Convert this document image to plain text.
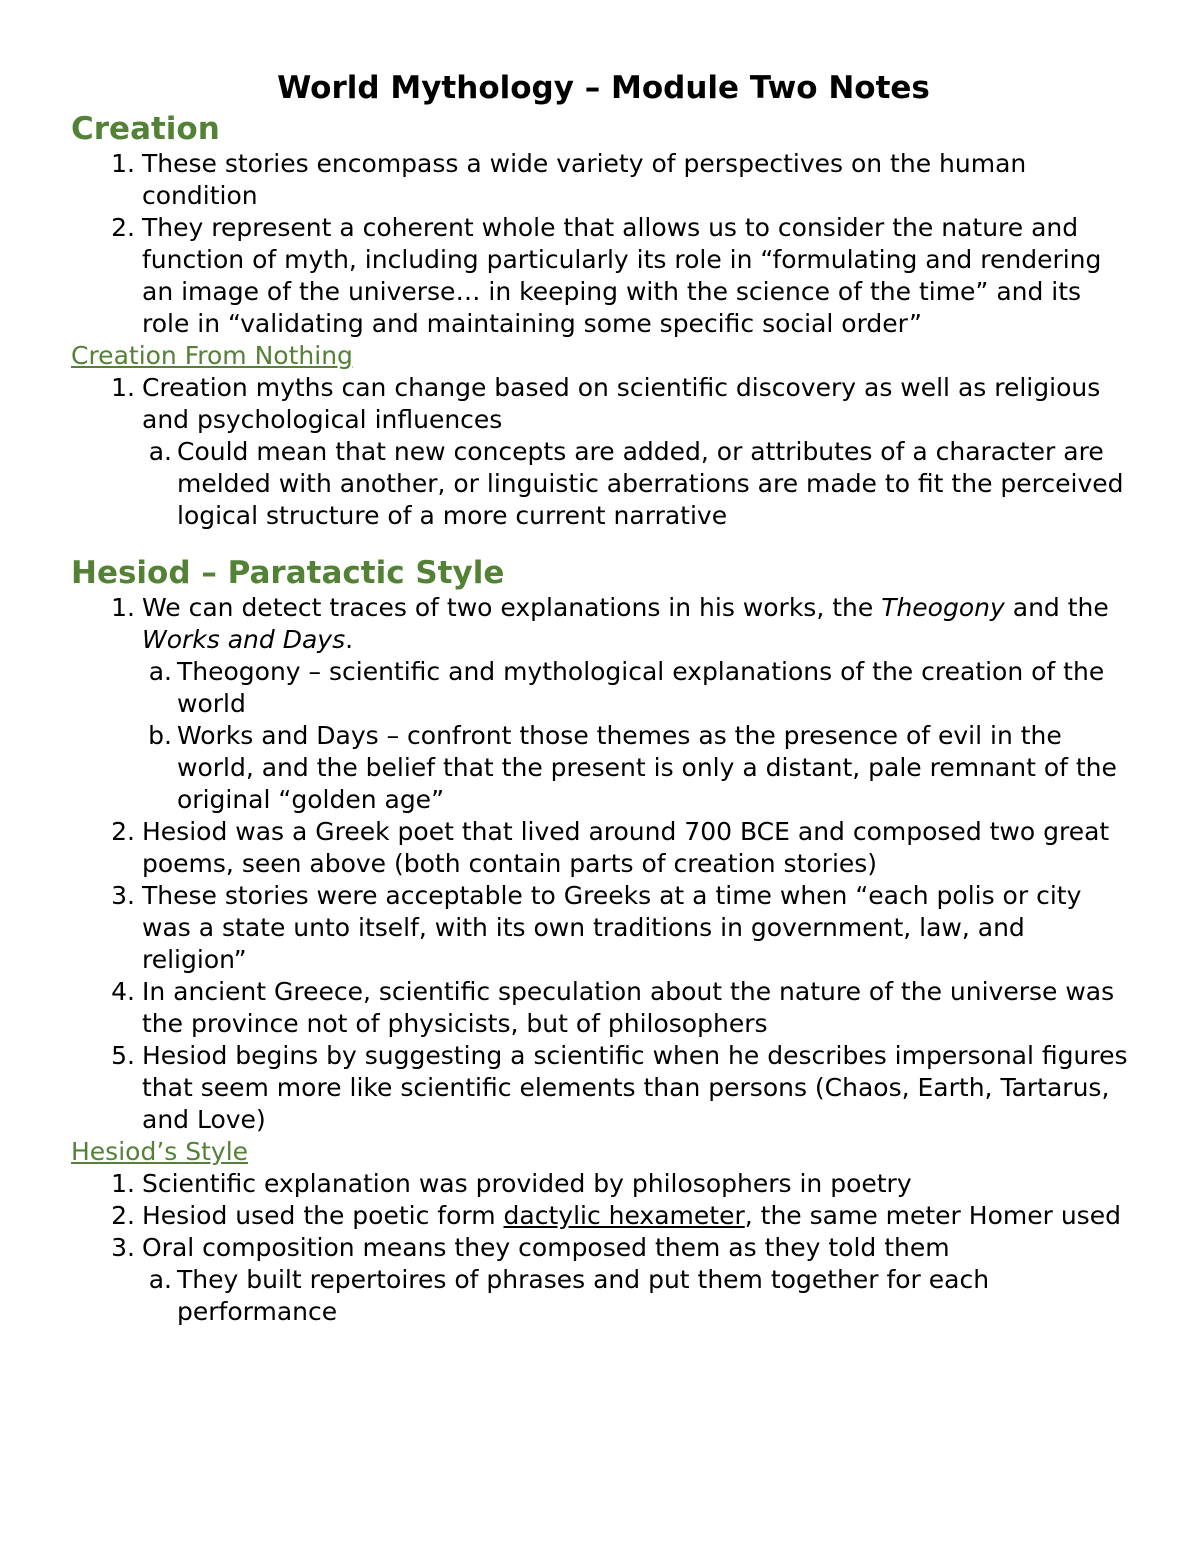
World Mythology – Module Two Notes
Creation
1. These stories encompass a wide variety of perspectives on the human condition
2. They represent a coherent whole that allows us to consider the nature and function of myth, including particularly its role in “formulating and rendering an image of the universe… in keeping with the science of the time” and its role in “validating and maintaining some specific social order”
Creation From Nothing
1. Creation myths can change based on scientific discovery as well as religious and psychological influences
a. Could mean that new concepts are added, or attributes of a character are melded with another, or linguistic aberrations are made to fit the perceived logical structure of a more current narrative
Hesiod – Paratactic Style
1. We can detect traces of two explanations in his works, the Theogony and the Works and Days.
a. Theogony – scientific and mythological explanations of the creation of the world
b. Works and Days – confront those themes as the presence of evil in the world, and the belief that the present is only a distant, pale remnant of the original “golden age”
2. Hesiod was a Greek poet that lived around 700 BCE and composed two great poems, seen above (both contain parts of creation stories)
3. These stories were acceptable to Greeks at a time when “each polis or city was a state unto itself, with its own traditions in government, law, and religion”
4. In ancient Greece, scientific speculation about the nature of the universe was the province not of physicists, but of philosophers
5. Hesiod begins by suggesting a scientific when he describes impersonal figures that seem more like scientific elements than persons (Chaos, Earth, Tartarus, and Love)
Hesiod’s Style
1. Scientific explanation was provided by philosophers in poetry
2. Hesiod used the poetic form dactylic hexameter, the same meter Homer used
3. Oral composition means they composed them as they told them
a. They built repertoires of phrases and put them together for each performance
